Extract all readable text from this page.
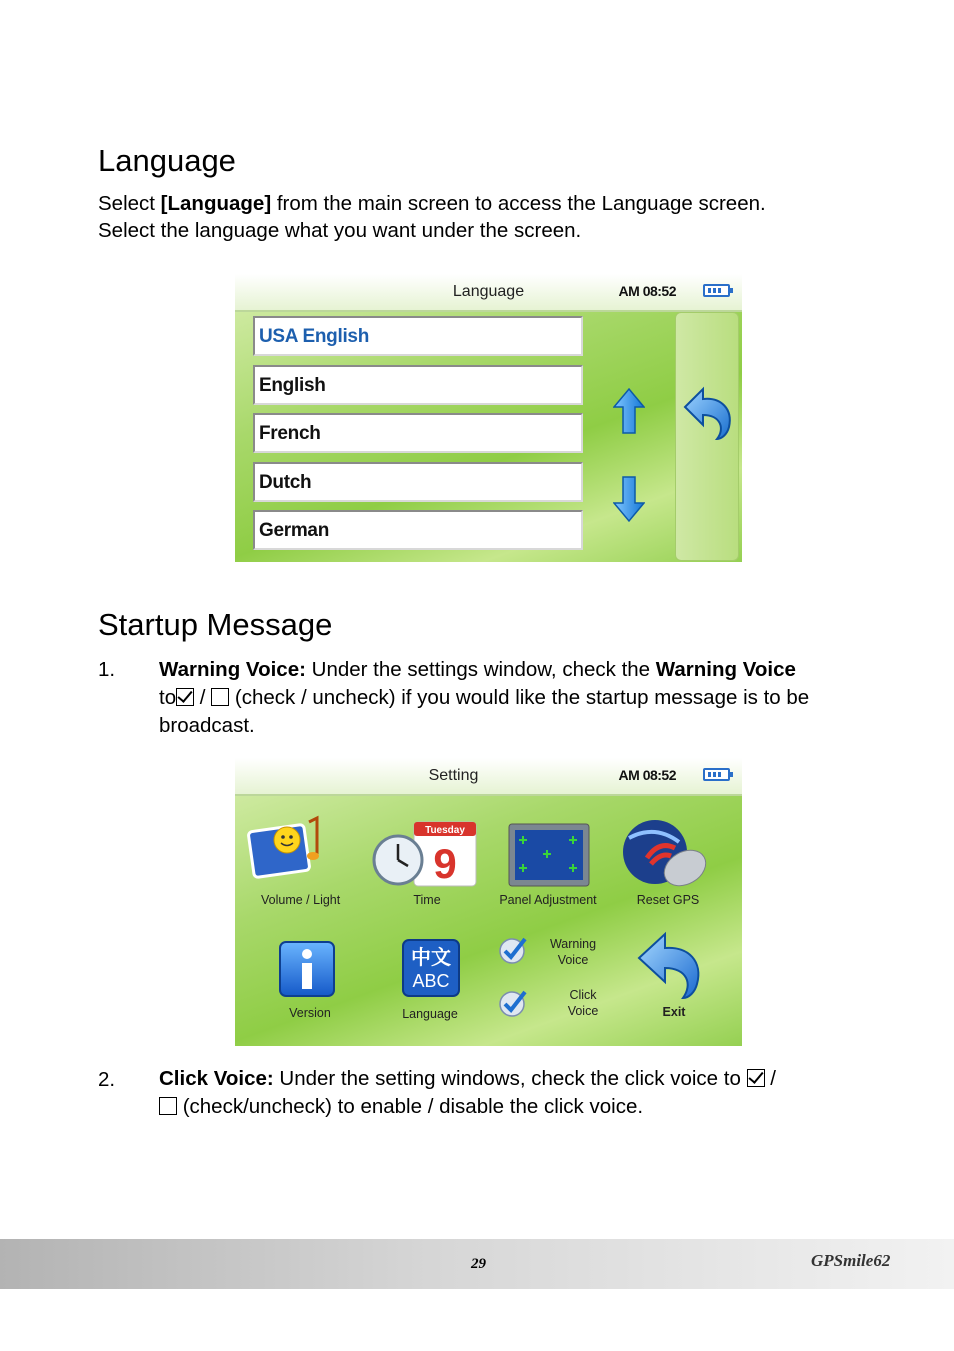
Language
Select [Language] from the main screen to access the Language screen.
Select the language what you want under the screen.
Language	AM 08:52
USA English
English
French
Dutch
German
Startup Message
1. Warning Voice: Under the settings window, check the Warning Voice
to /  (check / uncheck) if you would like the startup message is to be broadcast.
Setting	AM 08:52
Volume / Light
Tuesday
9
Time	Panel Adjustment	Reset GPS
Version
中文
ABC
Language
Warning
Voice
Click
Voice	Exit
2. Click Voice: Under the setting windows, check the click voice to  /
(check/uncheck) to enable / disable the click voice.
29	GPSmile62
